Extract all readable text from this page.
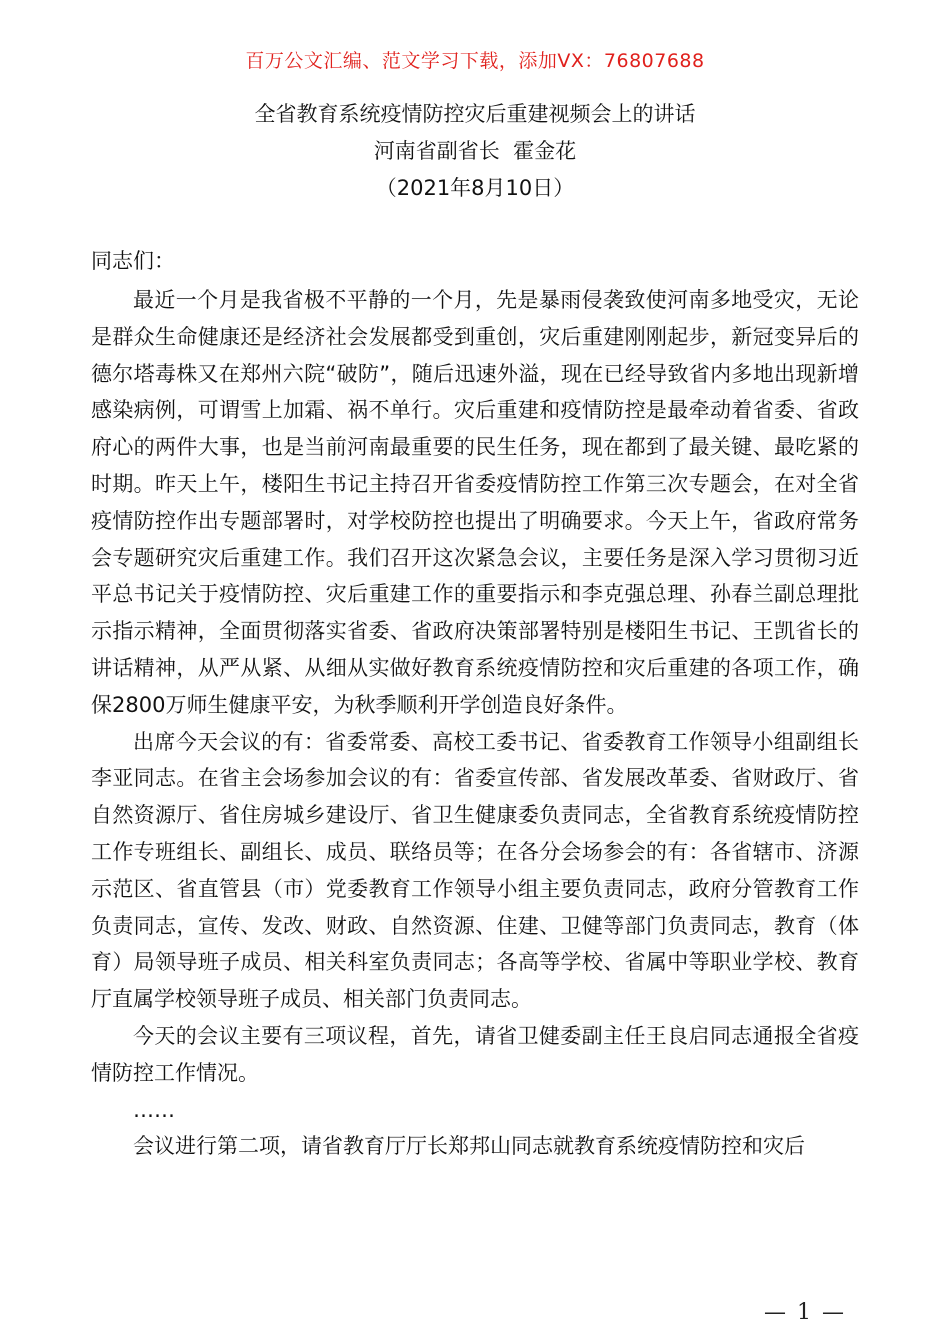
百万公文汇编、范文学习下载，添加VX：76807688
全省教育系统疫情防控灾后重建视频会上的讲话
河南省副省长  霍金花
（2021年8月10日）
同志们：

最近一个月是我省极不平静的一个月，先是暴雨侵袭致使河南多地受灾，无论是群众生命健康还是经济社会发展都受到重创，灾后重建刚刚起步，新冠变异后的德尔塔毒株又在郑州六院“破防”，随后迅速外溢，现在已经导致省内多地出现新增感染病例，可谓雪上加霜、祸不单行。灾后重建和疫情防控是最牵动着省委、省政府心的两件大事，也是当前河南最重要的民生任务，现在都到了最关键、最吃紧的时期。昨天上午，楼阳生书记主持召开省委疫情防控工作第三次专题会，在对全省疫情防控作出专题部署时，对学校防控也提出了明确要求。今天上午，省政府常务会专题研究灾后重建工作。我们召开这次紧急会议，主要任务是深入学习贯彻习近平总书记关于疫情防控、灾后重建工作的重要指示和李克强总理、孙春兰副总理批示指示精神，全面贯彻落实省委、省政府决策部署特别是楼阳生书记、王凯省长的讲话精神，从严从紧、从细从实做好教育系统疫情防控和灾后重建的各项工作，确保2800万师生健康平安，为秋季顺利开学创造良好条件。

出席今天会议的有：省委常委、高校工委书记、省委教育工作领导小组副组长李亚同志。在省主会场参加会议的有：省委宣传部、省发展改革委、省财政厅、省自然资源厅、省住房城乡建设厅、省卫生健康委负责同志，全省教育系统疫情防控工作专班组长、副组长、成员、联络员等；在各分会场参会的有：各省辖市、济源示范区、省直管县（市）党委教育工作领导小组主要负责同志，政府分管教育工作负责同志，宣传、发改、财政、自然资源、住建、卫健等部门负责同志，教育（体育）局领导班子成员、相关科室负责同志；各高等学校、省属中等职业学校、教育厅直属学校领导班子成员、相关部门负责同志。

今天的会议主要有三项议程，首先，请省卫健委副主任王良启同志通报全省疫情防控工作情况。

……

会议进行第二项，请省教育厅厅长郑邦山同志就教育系统疫情防控和灾后

— 1 —
